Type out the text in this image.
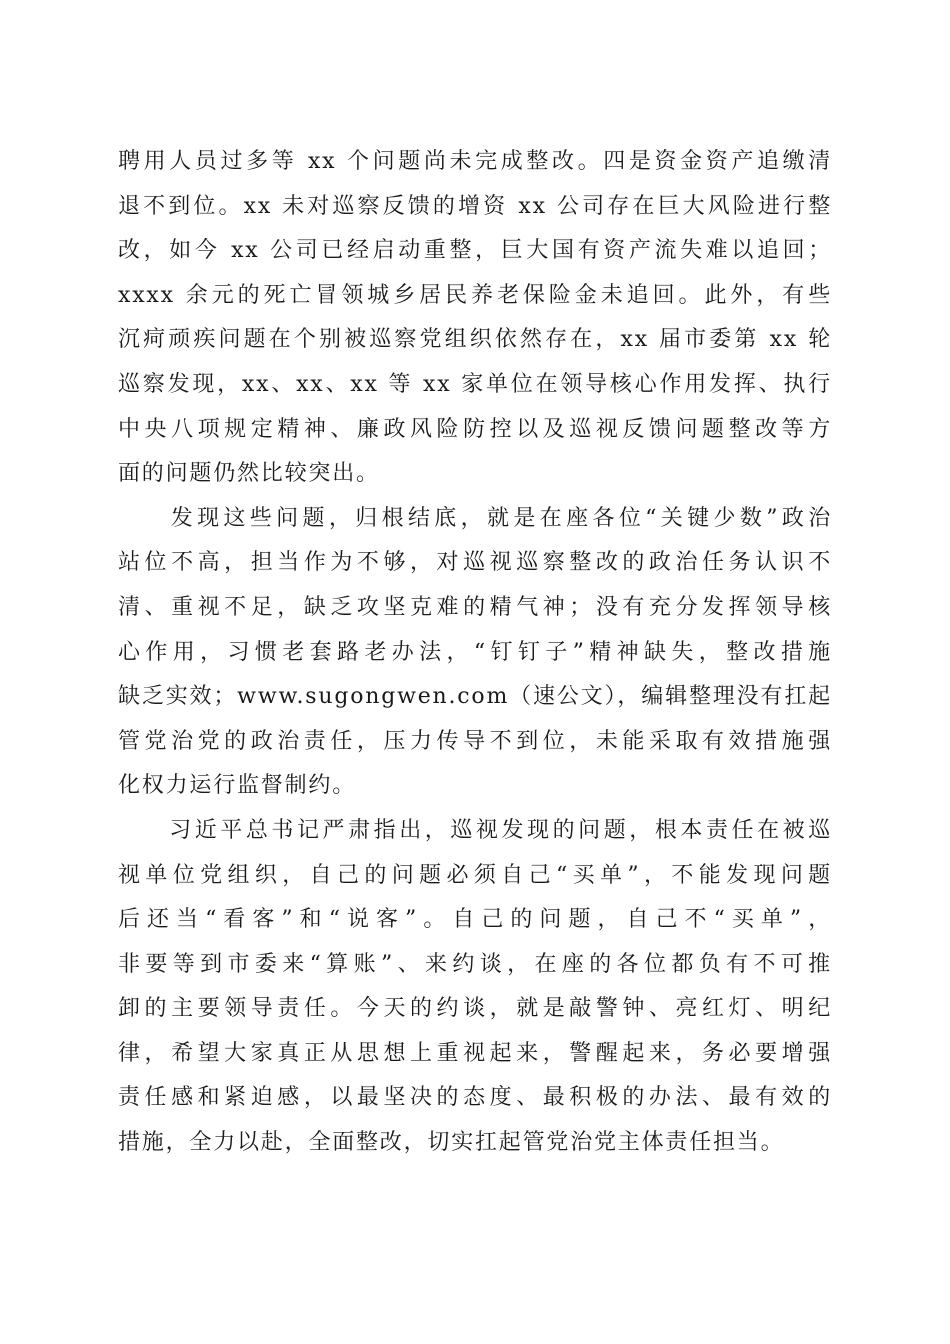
聘用人员过多等 xx 个问题尚未完成整改。四是资金资产追缴清
退不到位。xx 未对巡察反馈的增资 xx 公司存在巨大风险进行整
改，如今 xx 公司已经启动重整，巨大国有资产流失难以追回；
xxxx 余元的死亡冒领城乡居民养老保险金未追回。此外，有些
沉疴顽疾问题在个别被巡察党组织依然存在，xx 届市委第 xx 轮
巡察发现，xx、xx、xx 等 xx 家单位在领导核心作用发挥、执行
中央八项规定精神、廉政风险防控以及巡视反馈问题整改等方
面的问题仍然比较突出。
　　发现这些问题，归根结底，就是在座各位“关键少数”政治
站位不高，担当作为不够，对巡视巡察整改的政治任务认识不
清、重视不足，缺乏攻坚克难的精气神；没有充分发挥领导核
心作用，习惯老套路老办法，“钉钉子”精神缺失，整改措施
缺乏实效；www.sugongwen.com（速公文），编辑整理没有扛起
管党治党的政治责任，压力传导不到位，未能采取有效措施强
化权力运行监督制约。
　　习近平总书记严肃指出，巡视发现的问题，根本责任在被巡
视单位党组织，自己的问题必须自己“买单”，不能发现问题
后还当“看客”和“说客”。自己的问题，自己不“买单”，
非要等到市委来“算账”、来约谈，在座的各位都负有不可推
卸的主要领导责任。今天的约谈，就是敲警钟、亮红灯、明纪
律，希望大家真正从思想上重视起来，警醒起来，务必要增强
责任感和紧迫感，以最坚决的态度、最积极的办法、最有效的
措施，全力以赴，全面整改，切实扛起管党治党主体责任担当。
